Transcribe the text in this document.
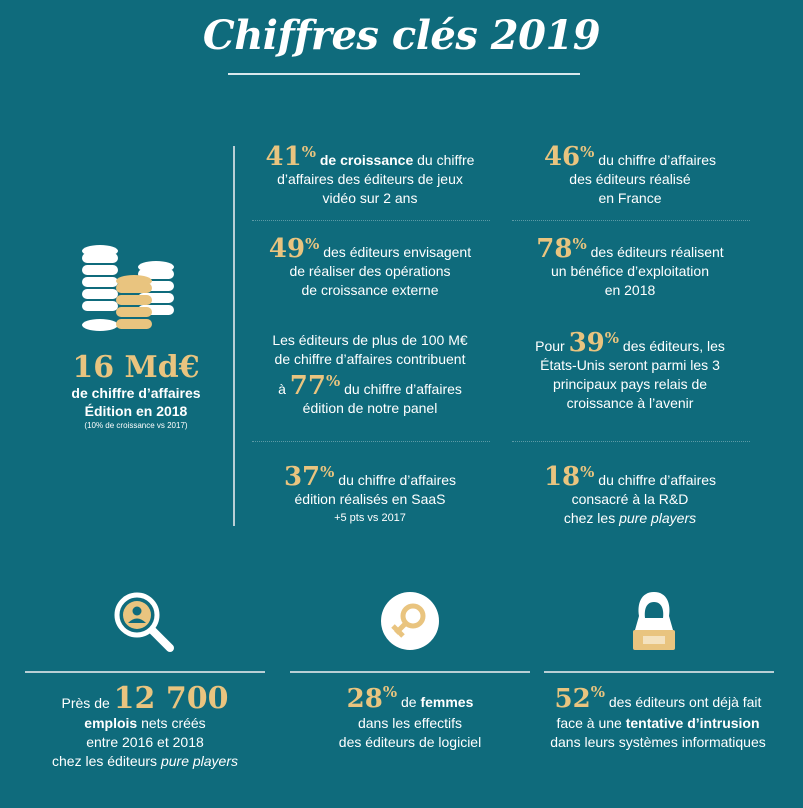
Chiffres clés 2019
16 Md€
de chiffre d’affaires
Édition en 2018
(10% de croissance vs 2017)
41% de croissance du chiffre
d’affaires des éditeurs de jeux
vidéo sur 2 ans
46% du chiffre d’affaires
des éditeurs réalisé
en France
49% des éditeurs envisagent
de réaliser des opérations
de croissance externe
78% des éditeurs réalisent
un bénéfice d’exploitation
en 2018
Les éditeurs de plus de 100 M€
de chiffre d’affaires contribuent
à 77% du chiffre d’affaires
édition de notre panel
Pour 39% des éditeurs, les
États-Unis seront parmi les 3
principaux pays relais de
croissance à l’avenir
37% du chiffre d’affaires
édition réalisés en SaaS
+5 pts vs 2017
18% du chiffre d’affaires
consacré à la R&D
chez les pure players
Près de 12 700
emplois nets créés
entre 2016 et 2018
chez les éditeurs pure players
28% de femmes
dans les effectifs
des éditeurs de logiciel
52% des éditeurs ont déjà fait
face à une tentative d’intrusion
dans leurs systèmes informatiques
